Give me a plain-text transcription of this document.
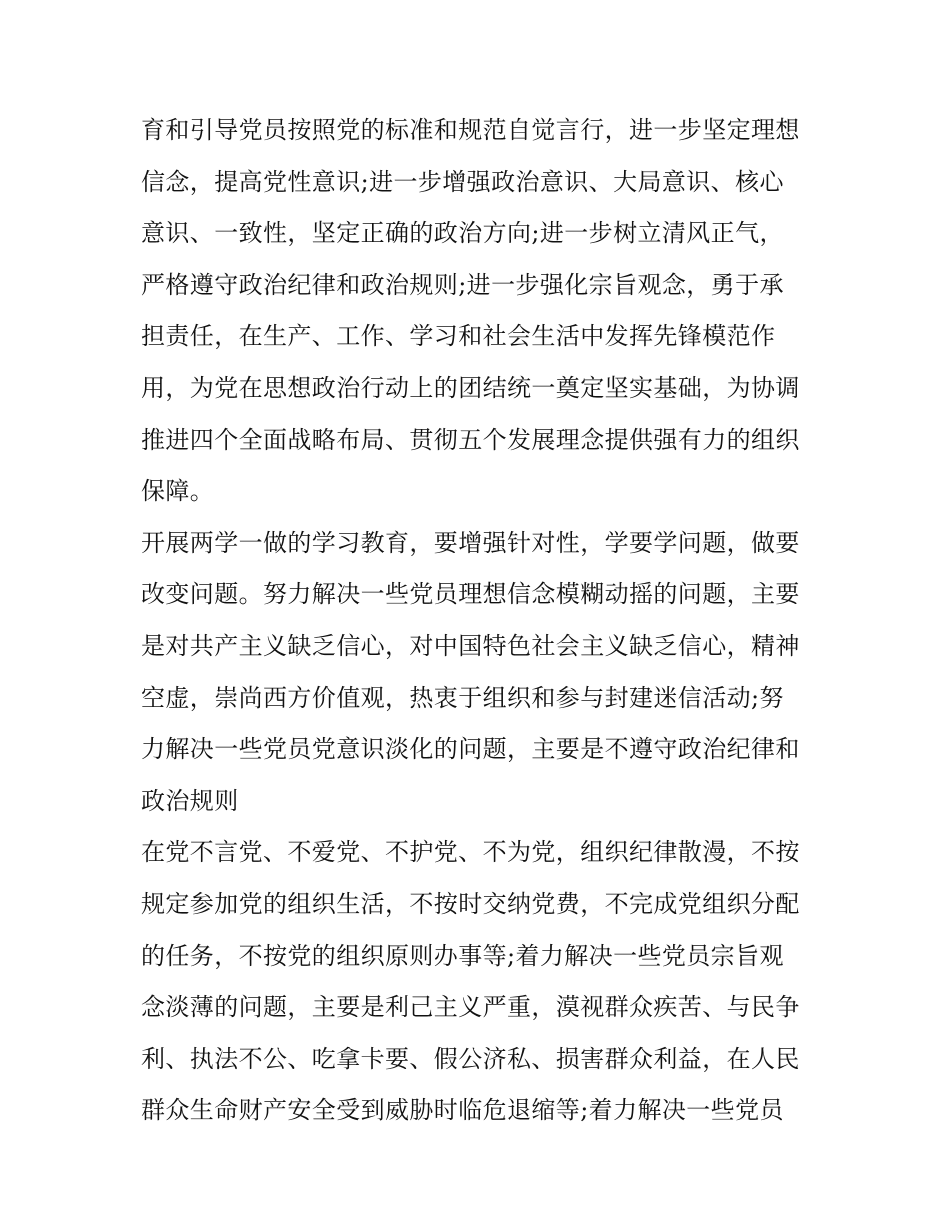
育和引导党员按照党的标准和规范自觉言行，进一步坚定理想
信念，提高党性意识;进一步增强政治意识、大局意识、核心
意识、一致性，坚定正确的政治方向;进一步树立清风正气，
严格遵守政治纪律和政治规则;进一步强化宗旨观念，勇于承
担责任，在生产、工作、学习和社会生活中发挥先锋模范作
用，为党在思想政治行动上的团结统一奠定坚实基础，为协调
推进四个全面战略布局、贯彻五个发展理念提供强有力的组织
保障。
开展两学一做的学习教育，要增强针对性，学要学问题，做要
改变问题。努力解决一些党员理想信念模糊动摇的问题，主要
是对共产主义缺乏信心，对中国特色社会主义缺乏信心，精神
空虚，崇尚西方价值观，热衷于组织和参与封建迷信活动;努
力解决一些党员党意识淡化的问题，主要是不遵守政治纪律和
政治规则
在党不言党、不爱党、不护党、不为党，组织纪律散漫，不按
规定参加党的组织生活，不按时交纳党费，不完成党组织分配
的任务，不按党的组织原则办事等;着力解决一些党员宗旨观
念淡薄的问题，主要是利己主义严重，漠视群众疾苦、与民争
利、执法不公、吃拿卡要、假公济私、损害群众利益，在人民
群众生命财产安全受到威胁时临危退缩等;着力解决一些党员
